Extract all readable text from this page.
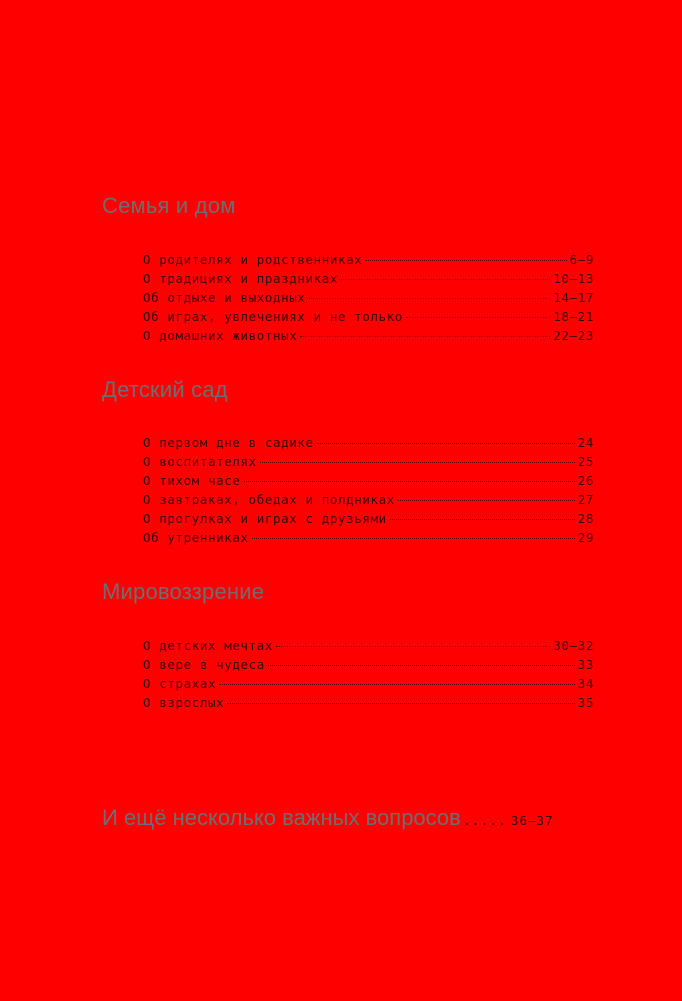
Семья и дом
О родителях и родственниках	6–9
О традициях и праздниках	10–13
Об отдыхе и выходных	14–17
Об играх, увлечениях и не только	18–21
О домашних животных	22–23
Детский сад
О первом дне в садике	24
О воспитателях	25
О тихом часе	26
О завтраках, обедах и полдниках	27
О прогулках и играх с друзьями	28
Об утренниках	29
Мировоззрение
О детских мечтах	30–32
О вере в чудеса	33
О страхах	34
О взрослых	35
И ещё несколько важных вопросов ..... 36–37
